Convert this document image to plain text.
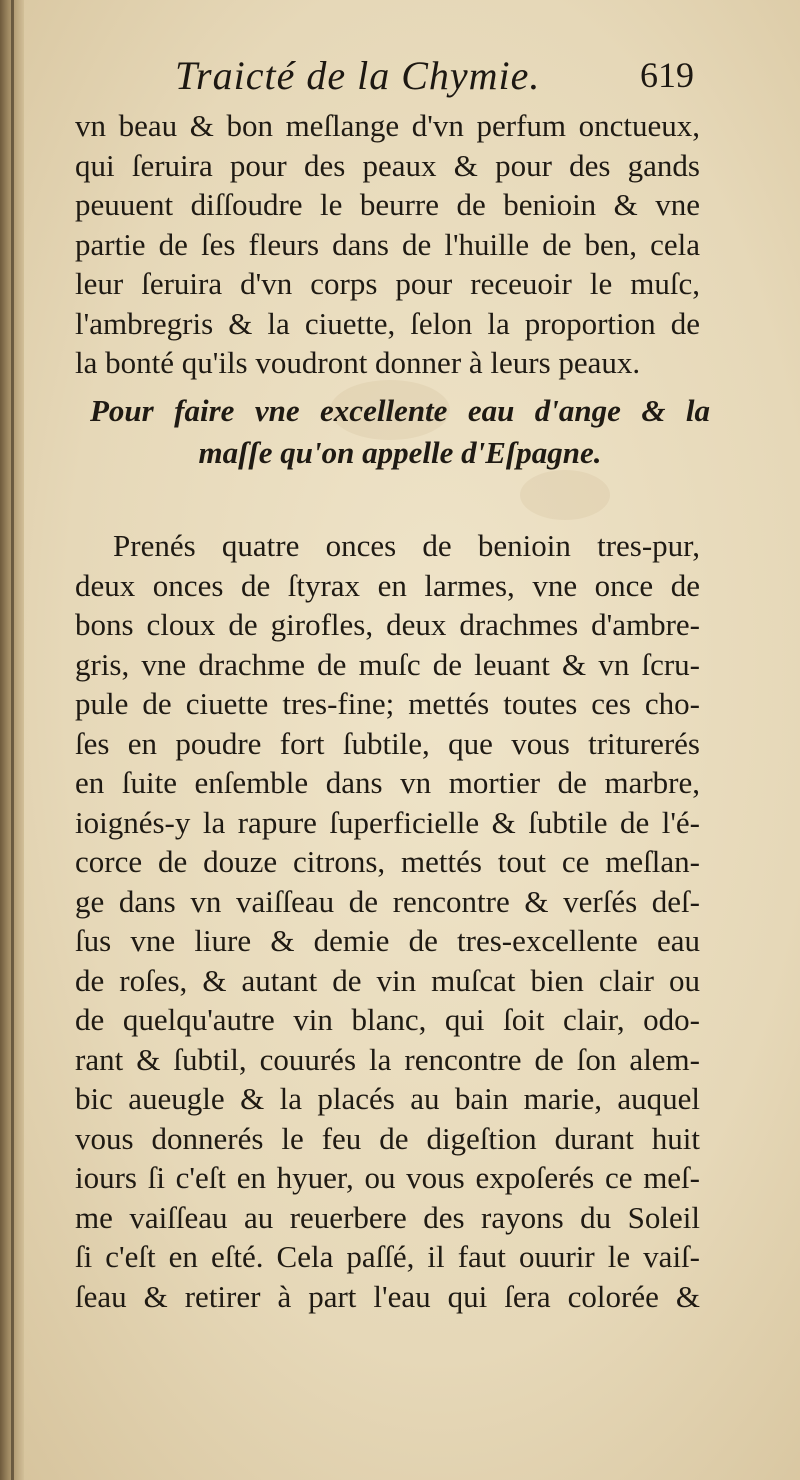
Traicté de la Chymie.	619
vn beau & bon meſlange d'vn perfum onctueux,
qui ſeruira pour des peaux & pour des gands
peuuent diſſoudre le beurre de benioin & vne
partie de ſes fleurs dans de l'huille de ben, cela
leur ſeruira d'vn corps pour receuoir le muſc,
l'ambregris & la ciuette, ſelon la proportion de
la bonté qu'ils voudront donner à leurs peaux.
Pour faire vne excellente eau d'ange & la
maſſe qu'on appelle d'Eſpagne.
Prenés quatre onces de benioin tres-pur,
deux onces de ſtyrax en larmes, vne once de
bons cloux de girofles, deux drachmes d'ambre-
gris, vne drachme de muſc de leuant & vn ſcru-
pule de ciuette tres-fine; mettés toutes ces cho-
ſes en poudre fort ſubtile, que vous triturerés
en ſuite enſemble dans vn mortier de marbre,
ioignés-y la rapure ſuperficielle & ſubtile de l'é-
corce de douze citrons, mettés tout ce meſlan-
ge dans vn vaiſſeau de rencontre & verſés deſ-
ſus vne liure & demie de tres-excellente eau
de roſes, & autant de vin muſcat bien clair ou
de quelqu'autre vin blanc, qui ſoit clair, odo-
rant & ſubtil, couurés la rencontre de ſon alem-
bic aueugle & la placés au bain marie, auquel
vous donnerés le feu de digeſtion durant huit
iours ſi c'eſt en hyuer, ou vous expoſerés ce meſ-
me vaiſſeau au reuerbere des rayons du Soleil
ſi c'eſt en eſté. Cela paſſé, il faut ouurir le vaiſ-
ſeau & retirer à part l'eau qui ſera colorée &
